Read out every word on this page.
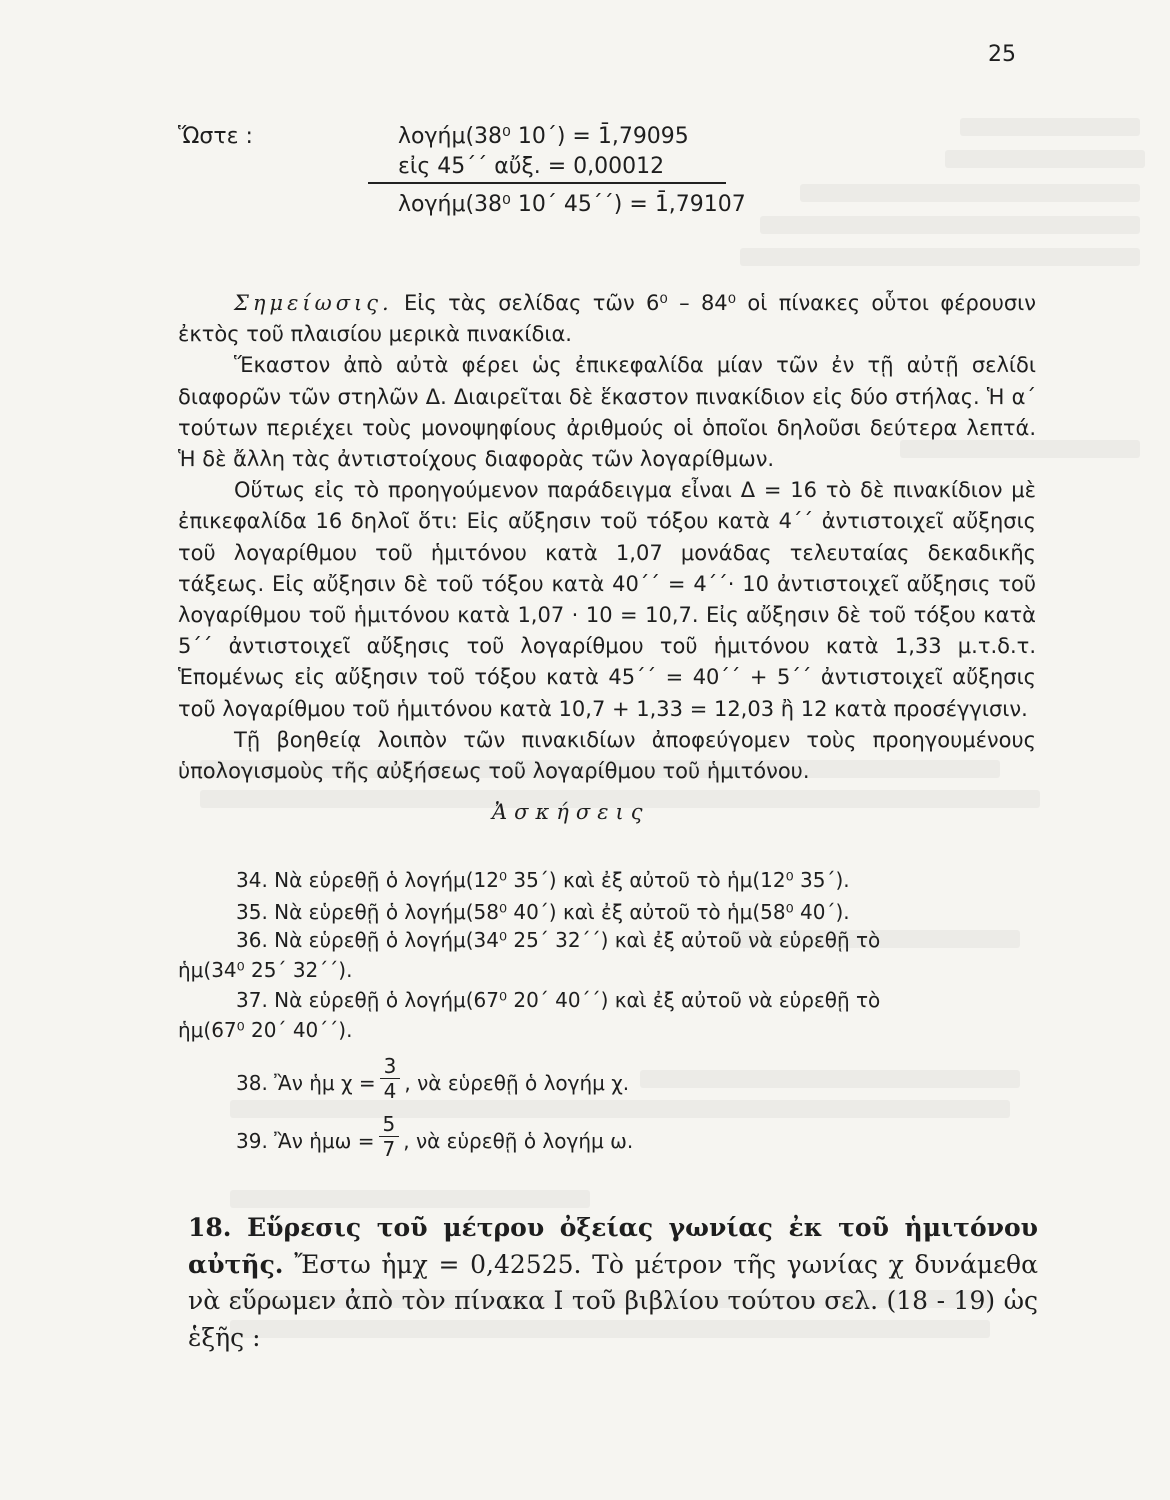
25
Ὥστε :	λογήμ(38⁰ 10΄) = 1̄,79095
εἰς 45΄΄ αὔξ. = 0,00012
λογήμ(38⁰ 10΄ 45΄΄) = 1̄,79107

Σημείωσις. Εἰς τὰς σελίδας τῶν 6⁰ – 84⁰ οἱ πίνακες οὗτοι φέρουσιν ἐκτὸς τοῦ πλαισίου μερικὰ πινακίδια.

Ἕκαστον ἀπὸ αὐτὰ φέρει ὡς ἐπικεφαλίδα μίαν τῶν ἐν τῇ αὐτῇ σελίδι διαφορῶν τῶν στηλῶν Δ. Διαιρεῖται δὲ ἕκαστον πινακίδιον εἰς δύο στήλας. Ἡ α΄ τούτων περιέχει τοὺς μονοψηφίους ἀριθμούς οἱ ὁποῖοι δηλοῦσι δεύτερα λεπτά. Ἡ δὲ ἄλλη τὰς ἀντιστοίχους διαφορὰς τῶν λογαρίθμων.

Οὕτως εἰς τὸ προηγούμενον παράδειγμα εἶναι Δ = 16 τὸ δὲ πινακίδιον μὲ ἐπικεφαλίδα 16 δηλοῖ ὅτι: Εἰς αὔξησιν τοῦ τόξου κατὰ 4΄΄ ἀντιστοιχεῖ αὔξησις τοῦ λογαρίθμου τοῦ ἡμιτόνου κατὰ 1,07 μονάδας τελευταίας δεκαδικῆς τάξεως. Εἰς αὔξησιν δὲ τοῦ τόξου κατὰ 40΄΄ = 4΄΄· 10 ἀντιστοιχεῖ αὔξησις τοῦ λογαρίθμου τοῦ ἡμιτόνου κατὰ 1,07 · 10 = 10,7. Εἰς αὔξησιν δὲ τοῦ τόξου κατὰ 5΄΄ ἀντιστοιχεῖ αὔξησις τοῦ λογαρίθμου τοῦ ἡμιτόνου κατὰ 1,33 μ.τ.δ.τ. Ἑπομένως εἰς αὔξησιν τοῦ τόξου κατὰ 45΄΄ = 40΄΄ + 5΄΄ ἀντιστοιχεῖ αὔξησις τοῦ λογαρίθμου τοῦ ἡμιτόνου κατὰ 10,7 + 1,33 = 12,03 ἢ 12 κατὰ προσέγγισιν.

Τῇ βοηθείᾳ λοιπὸν τῶν πινακιδίων ἀποφεύγομεν τοὺς προηγουμένους ὑπολογισμοὺς τῆς αὐξήσεως τοῦ λογαρίθμου τοῦ ἡμιτόνου.

Ἀσκήσεις
34. Νὰ εὑρεθῇ ὁ λογήμ(12⁰ 35΄) καὶ ἐξ αὐτοῦ τὸ ἡμ(12⁰ 35΄).
35. Νὰ εὑρεθῇ ὁ λογήμ(58⁰ 40΄) καὶ ἐξ αὐτοῦ τὸ ἡμ(58⁰ 40΄).
36. Νὰ εὑρεθῇ ὁ λογήμ(34⁰ 25΄ 32΄΄) καὶ ἐξ αὐτοῦ νὰ εὑρεθῇ τὸ
ἡμ(34⁰ 25΄ 32΄΄).
37. Νὰ εὑρεθῇ ὁ λογήμ(67⁰ 20΄ 40΄΄) καὶ ἐξ αὐτοῦ νὰ εὑρεθῇ τὸ
ἡμ(67⁰ 20΄ 40΄΄).
38. Ἂν ἡμ $\chi = \frac{3}{4}$ , νὰ εὑρεθῇ ὁ λογήμ χ.
39. Ἂν ἡμω = $\frac{5}{7}$ , νὰ εὑρεθῇ ὁ λογήμ ω.
18. Εὕρεσις τοῦ μέτρου ὀξείας γωνίας ἐκ τοῦ ἡμιτόνου αὐτῆς. Ἔστω ἡμχ = 0,42525. Τὸ μέτρον τῆς γωνίας χ δυνάμεθα νὰ εὕρωμεν ἀπὸ τὸν πίνακα I τοῦ βιβλίου τούτου σελ. (18 - 19) ὡς ἑξῆς :
